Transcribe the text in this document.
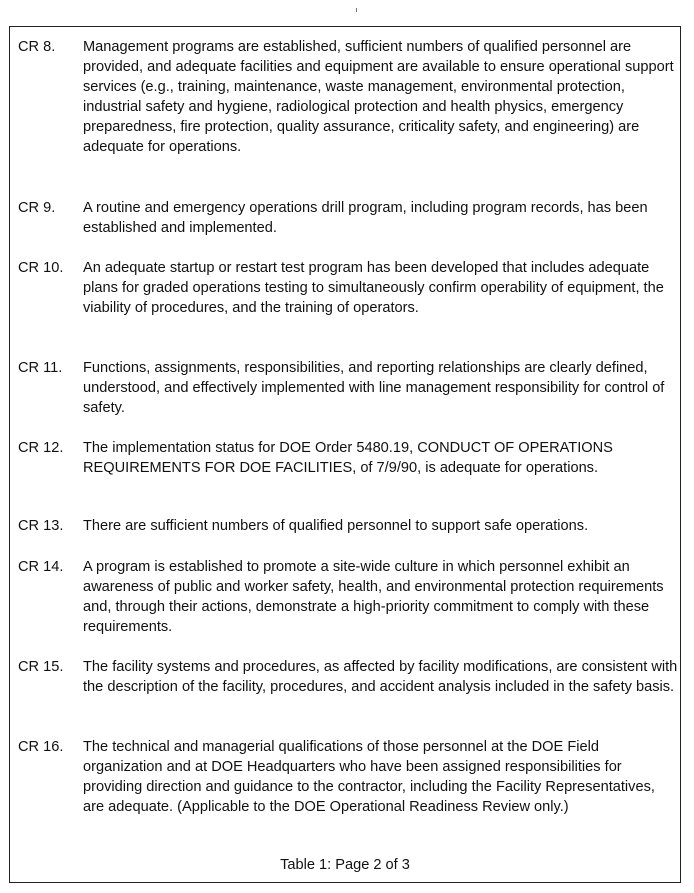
CR 8.	Management programs are established, sufficient numbers of qualified personnel are provided, and adequate facilities and equipment are available to ensure operational support services (e.g., training, maintenance, waste management, environmental protection, industrial safety and hygiene, radiological protection and health physics, emergency preparedness, fire protection, quality assurance, criticality safety, and engineering) are adequate for operations.
CR 9.	A routine and emergency operations drill program, including program records, has been established and implemented.
CR 10.	An adequate startup or restart test program has been developed that includes adequate plans for graded operations testing to simultaneously confirm operability of equipment, the viability of procedures, and the training of operators.
CR 11.	Functions, assignments, responsibilities, and reporting relationships are clearly defined, understood, and effectively implemented with line management responsibility for control of safety.
CR 12.	The implementation status for DOE Order 5480.19, CONDUCT OF OPERATIONS REQUIREMENTS FOR DOE FACILITIES, of 7/9/90, is adequate for operations.
CR 13.	There are sufficient numbers of qualified personnel to support safe operations.
CR 14.	A program is established to promote a site-wide culture in which personnel exhibit an awareness of public and worker safety, health, and environmental protection requirements and, through their actions, demonstrate a high-priority commitment to comply with these requirements.
CR 15.	The facility systems and procedures, as affected by facility modifications, are consistent with the description of the facility, procedures, and accident analysis included in the safety basis.
CR 16.	The technical and managerial qualifications of those personnel at the DOE Field organization and at DOE Headquarters who have been assigned responsibilities for providing direction and guidance to the contractor, including the Facility Representatives, are adequate. (Applicable to the DOE Operational Readiness Review only.)
Table 1: Page 2 of 3
